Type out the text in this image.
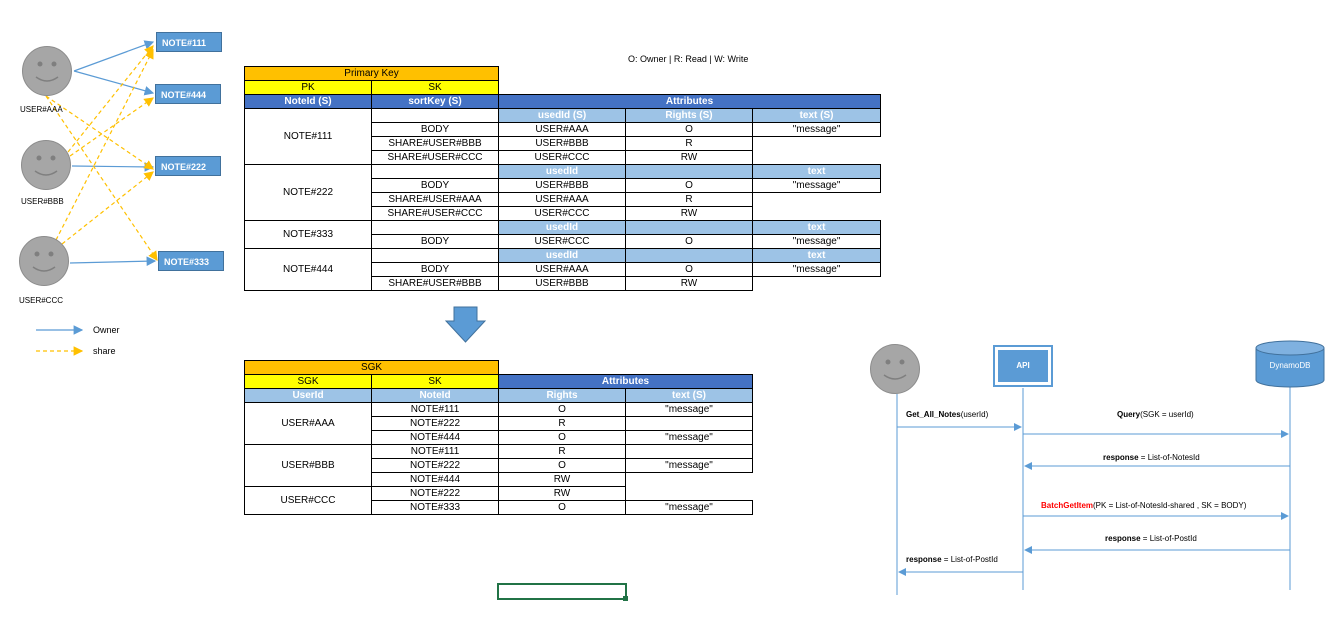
O: Owner | R: Read | W: Write
USER#AAA
USER#BBB
USER#CCC
NOTE#111
NOTE#444
NOTE#222
NOTE#333
Owner
share
Primary Key				
PK	SK			
NoteId (S)	sortKey (S)	Attributes		
NOTE#111		usedId (S)	Rights (S)	text (S)
	BODY	USER#AAA	O	"message"
	SHARE#USER#BBB	USER#BBB	R	
	SHARE#USER#CCC	USER#CCC	RW	
NOTE#222		usedId		text
	BODY	USER#BBB	O	"message"
	SHARE#USER#AAA	USER#AAA	R	
	SHARE#USER#CCC	USER#CCC	RW	
NOTE#333		usedId		text
	BODY	USER#CCC	O	"message"
NOTE#444		usedId		text
	BODY	USER#AAA	O	"message"
	SHARE#USER#BBB	USER#BBB	RW	
SGK			
SGK	SK	Attributes	
UserId	NoteId	Rights	text (S)
USER#AAA	NOTE#111	O	"message"
	NOTE#222	R	
	NOTE#444	O	"message"
USER#BBB	NOTE#111	R	
	NOTE#222	O	"message"
	NOTE#444	RW	
USER#CCC	NOTE#222	RW	
	NOTE#333	O	"message"
API	DynamoDB
Get_All_Notes(userId)	Query(SGK = userId)
response = List-of-NotesId
BatchGetItem(PK = List-of-NotesId-shared , SK = BODY)
response = List-of-PostId
response = List-of-PostId
